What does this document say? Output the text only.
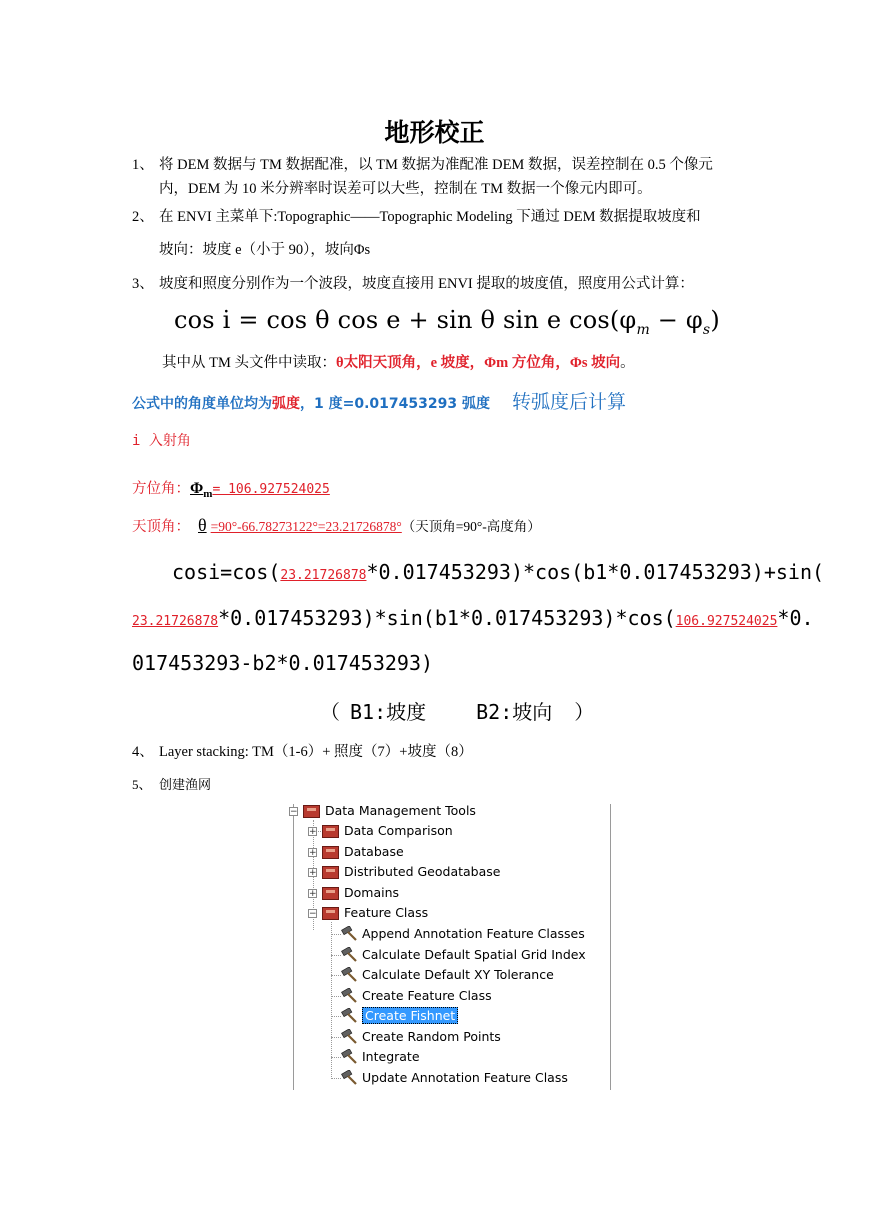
地形校正
1、 将 DEM 数据与 TM 数据配准，以 TM 数据为准配准 DEM 数据，误差控制在 0.5 个像元
内，DEM 为 10 米分辨率时误差可以大些，控制在 TM 数据一个像元内即可。
2、 在 ENVI 主菜单下:Topographic——Topographic Modeling 下通过 DEM 数据提取坡度和
坡向：坡度 e（小于 90），坡向Φs
3、 坡度和照度分别作为一个波段，坡度直接用 ENVI 提取的坡度值，照度用公式计算：
cos i = cos θ cos e + sin θ sin e $\cos(\varphi_m - \varphi_s)$
其中从 TM 头文件中读取：θ太阳天顶角，e 坡度，Φm 方位角，Φs 坡向。
公式中的角度单位均为弧度，1 度=0.017453293 弧度 转弧度后计算
i 入射角
方位角：$\Phi_m= 106.927524025$
天顶角： θ =90°-66.78273122°=23.21726878°（天顶角=90°-高度角）
cosi=cos(23.21726878*0.017453293)*cos(b1*0.017453293)+sin(
23.21726878*0.017453293)*sin(b1*0.017453293)*cos(106.927524025*0.
017453293-b2*0.017453293)
（ B1:坡度	B2:坡向 ）
4、 Layer stacking: TM（1-6）+ 照度（7）+坡度（8）
5、 创建渔网
− Data Management Tools
+ Data Comparison
+ Database
+ Distributed Geodatabase
+ Domains
− Feature Class
Append Annotation Feature Classes
Calculate Default Spatial Grid Index
Calculate Default XY Tolerance
Create Feature Class
Create Fishnet
Create Random Points
Integrate
Update Annotation Feature Class
